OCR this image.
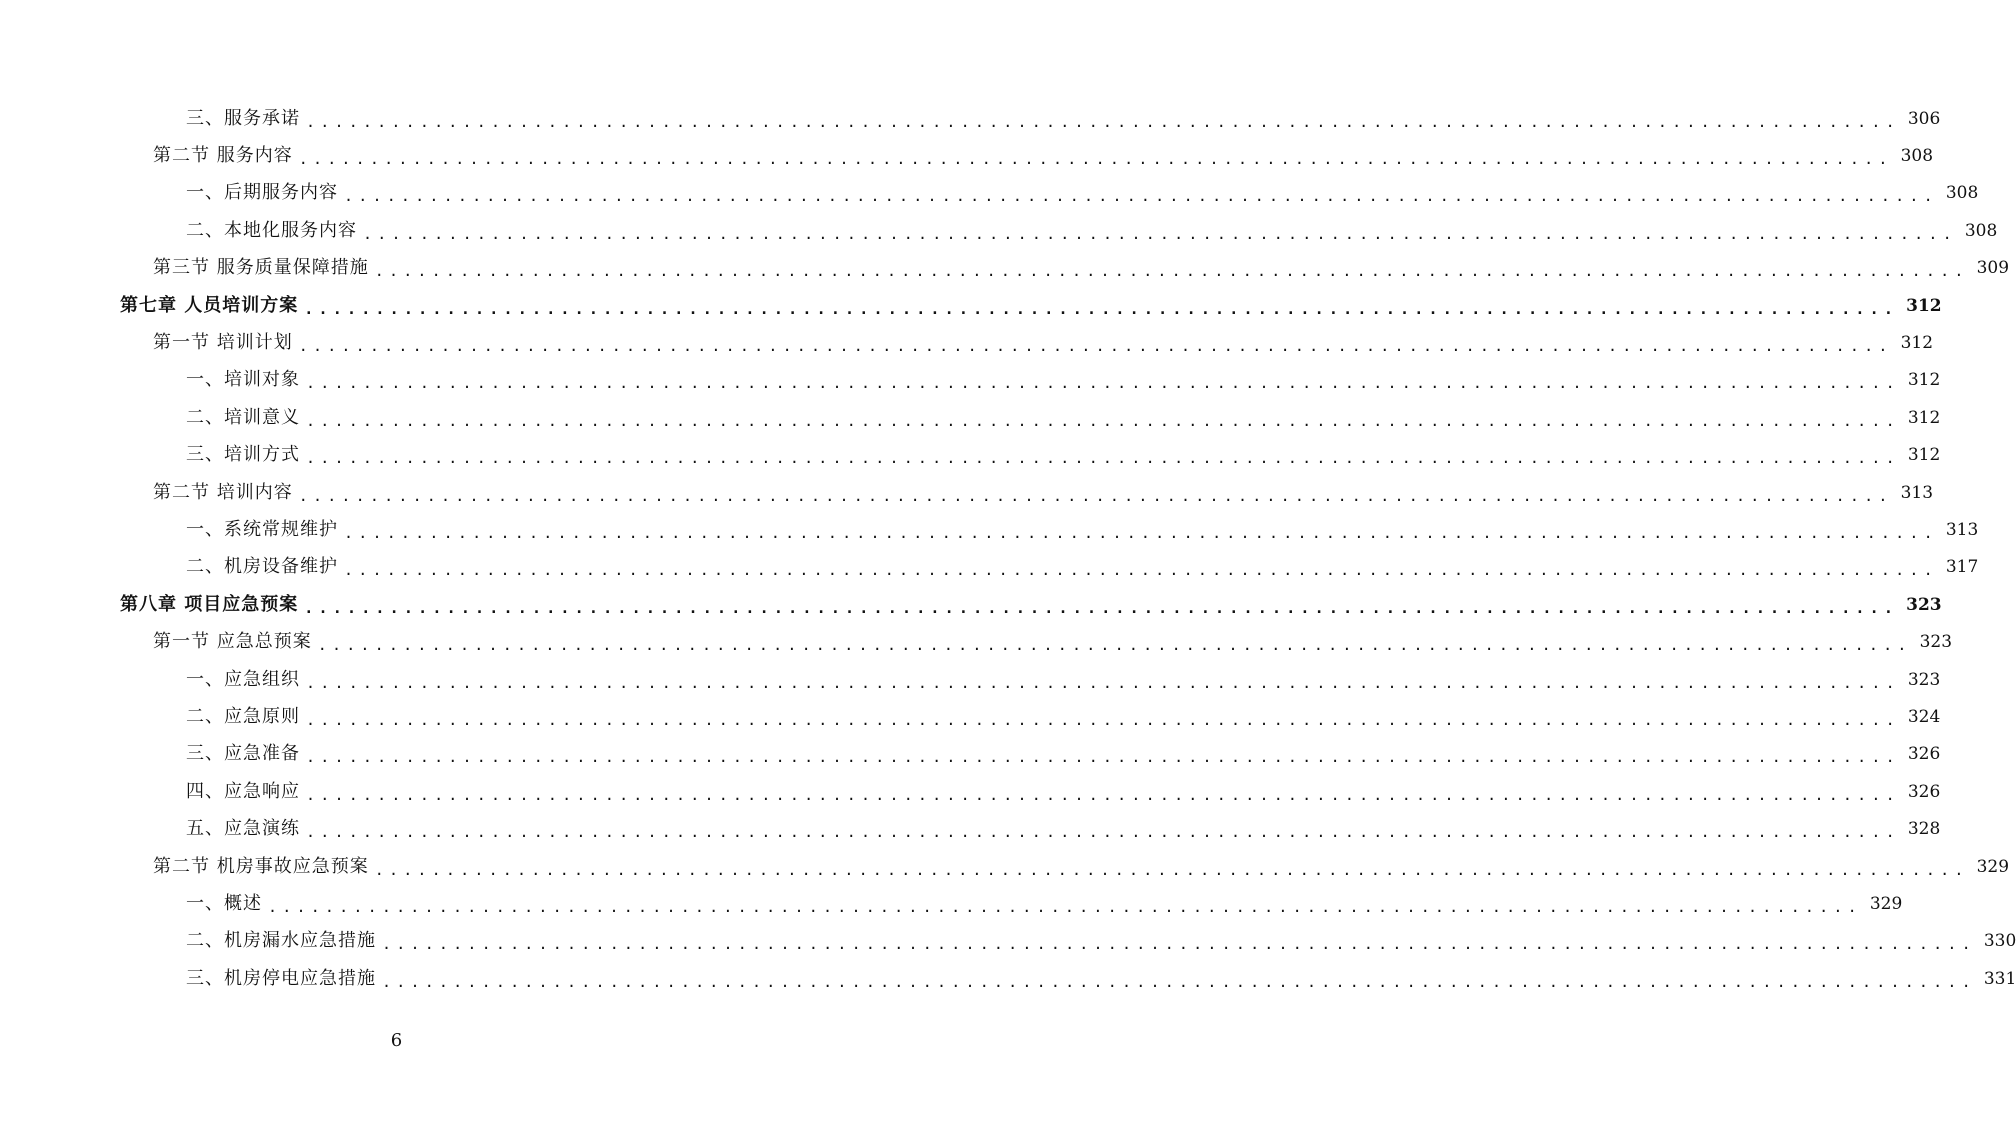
三、服务承诺 ................................................................................................................ 306
第二节 服务内容 ................................................................................................................ 308
一、后期服务内容 ................................................................................................................ 308
二、本地化服务内容 ................................................................................................................ 308
第三节 服务质量保障措施 ................................................................................................................ 309
第七章 人员培训方案 ................................................................................................................ 312
第一节 培训计划 ................................................................................................................ 312
一、培训对象 ................................................................................................................ 312
二、培训意义 ................................................................................................................ 312
三、培训方式 ................................................................................................................ 312
第二节 培训内容 ................................................................................................................ 313
一、系统常规维护 ................................................................................................................ 313
二、机房设备维护 ................................................................................................................ 317
第八章 项目应急预案 ................................................................................................................ 323
第一节 应急总预案 ................................................................................................................ 323
一、应急组织 ................................................................................................................ 323
二、应急原则 ................................................................................................................ 324
三、应急准备 ................................................................................................................ 326
四、应急响应 ................................................................................................................ 326
五、应急演练 ................................................................................................................ 328
第二节 机房事故应急预案 ................................................................................................................ 329
一、概述 ................................................................................................................ 329
二、机房漏水应急措施 ................................................................................................................ 330
三、机房停电应急措施 ................................................................................................................ 331
6
